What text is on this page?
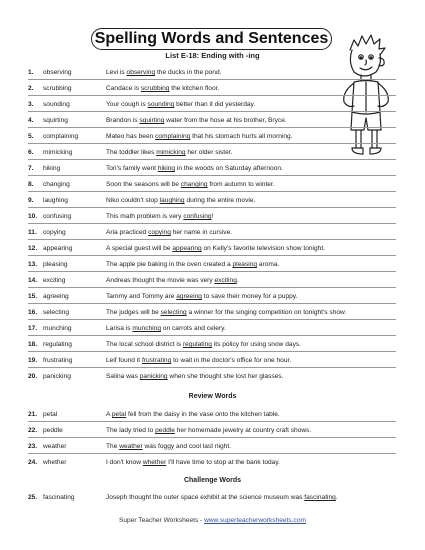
Spelling Words and Sentences
List E-18: Ending with -ing
1.	observing	Levi is observing the ducks in the pond.
2.	scrubbing	Candace is scrubbing the kitchen floor.
3.	sounding	Your cough is sounding better than it did yesterday.
4.	squirting	Brandon is squirting water from the hose at his brother, Bryce.
5.	complaining	Mateo has been complaining that his stomach hurts all morning.
6.	mimicking	The toddler likes mimicking her older sister.
7.	hiking	Tori's family went hiking in the woods on Saturday afternoon.
8.	changing	Soon the seasons will be changing from autumn to winter.
9.	laughing	Niko couldn't stop laughing during the entire movie.
10. confusing	This math problem is very confusing!
11. copying	Aria practiced copying her name in cursive.
12. appearing	A special guest will be appearing on Kelly's favorite television show tonight.
13. pleasing	The apple pie baking in the oven created a pleasing aroma.
14. exciting	Andreas thought the movie was very exciting.
15. agreeing	Tammy and Tommy are agreeing to save their money for a puppy.
16. selecting	The judges will be selecting a winner for the singing competition on tonight's show.
17. munching	Larisa is munching on carrots and celery.
18. regulating	The local school district is regulating its policy for using snow days.
19. frustrating	Leif found it frustrating to wait in the doctor's office for one hour.
20. panicking	Salina was panicking when she thought she lost her glasses.
Review Words
21. petal	A petal fell from the daisy in the vase onto the kitchen table.
22. peddle	The lady tried to peddle her homemade jewelry at country craft shows.
23. weather	The weather was foggy and cool last night.
24. whether	I don't know whether I'll have time to stop at the bank today.
Challenge Words
25. fascinating	Joseph thought the outer space exhibit at the science museum was fascinating.
Super Teacher Worksheets - www.superteacherworksheets.com
